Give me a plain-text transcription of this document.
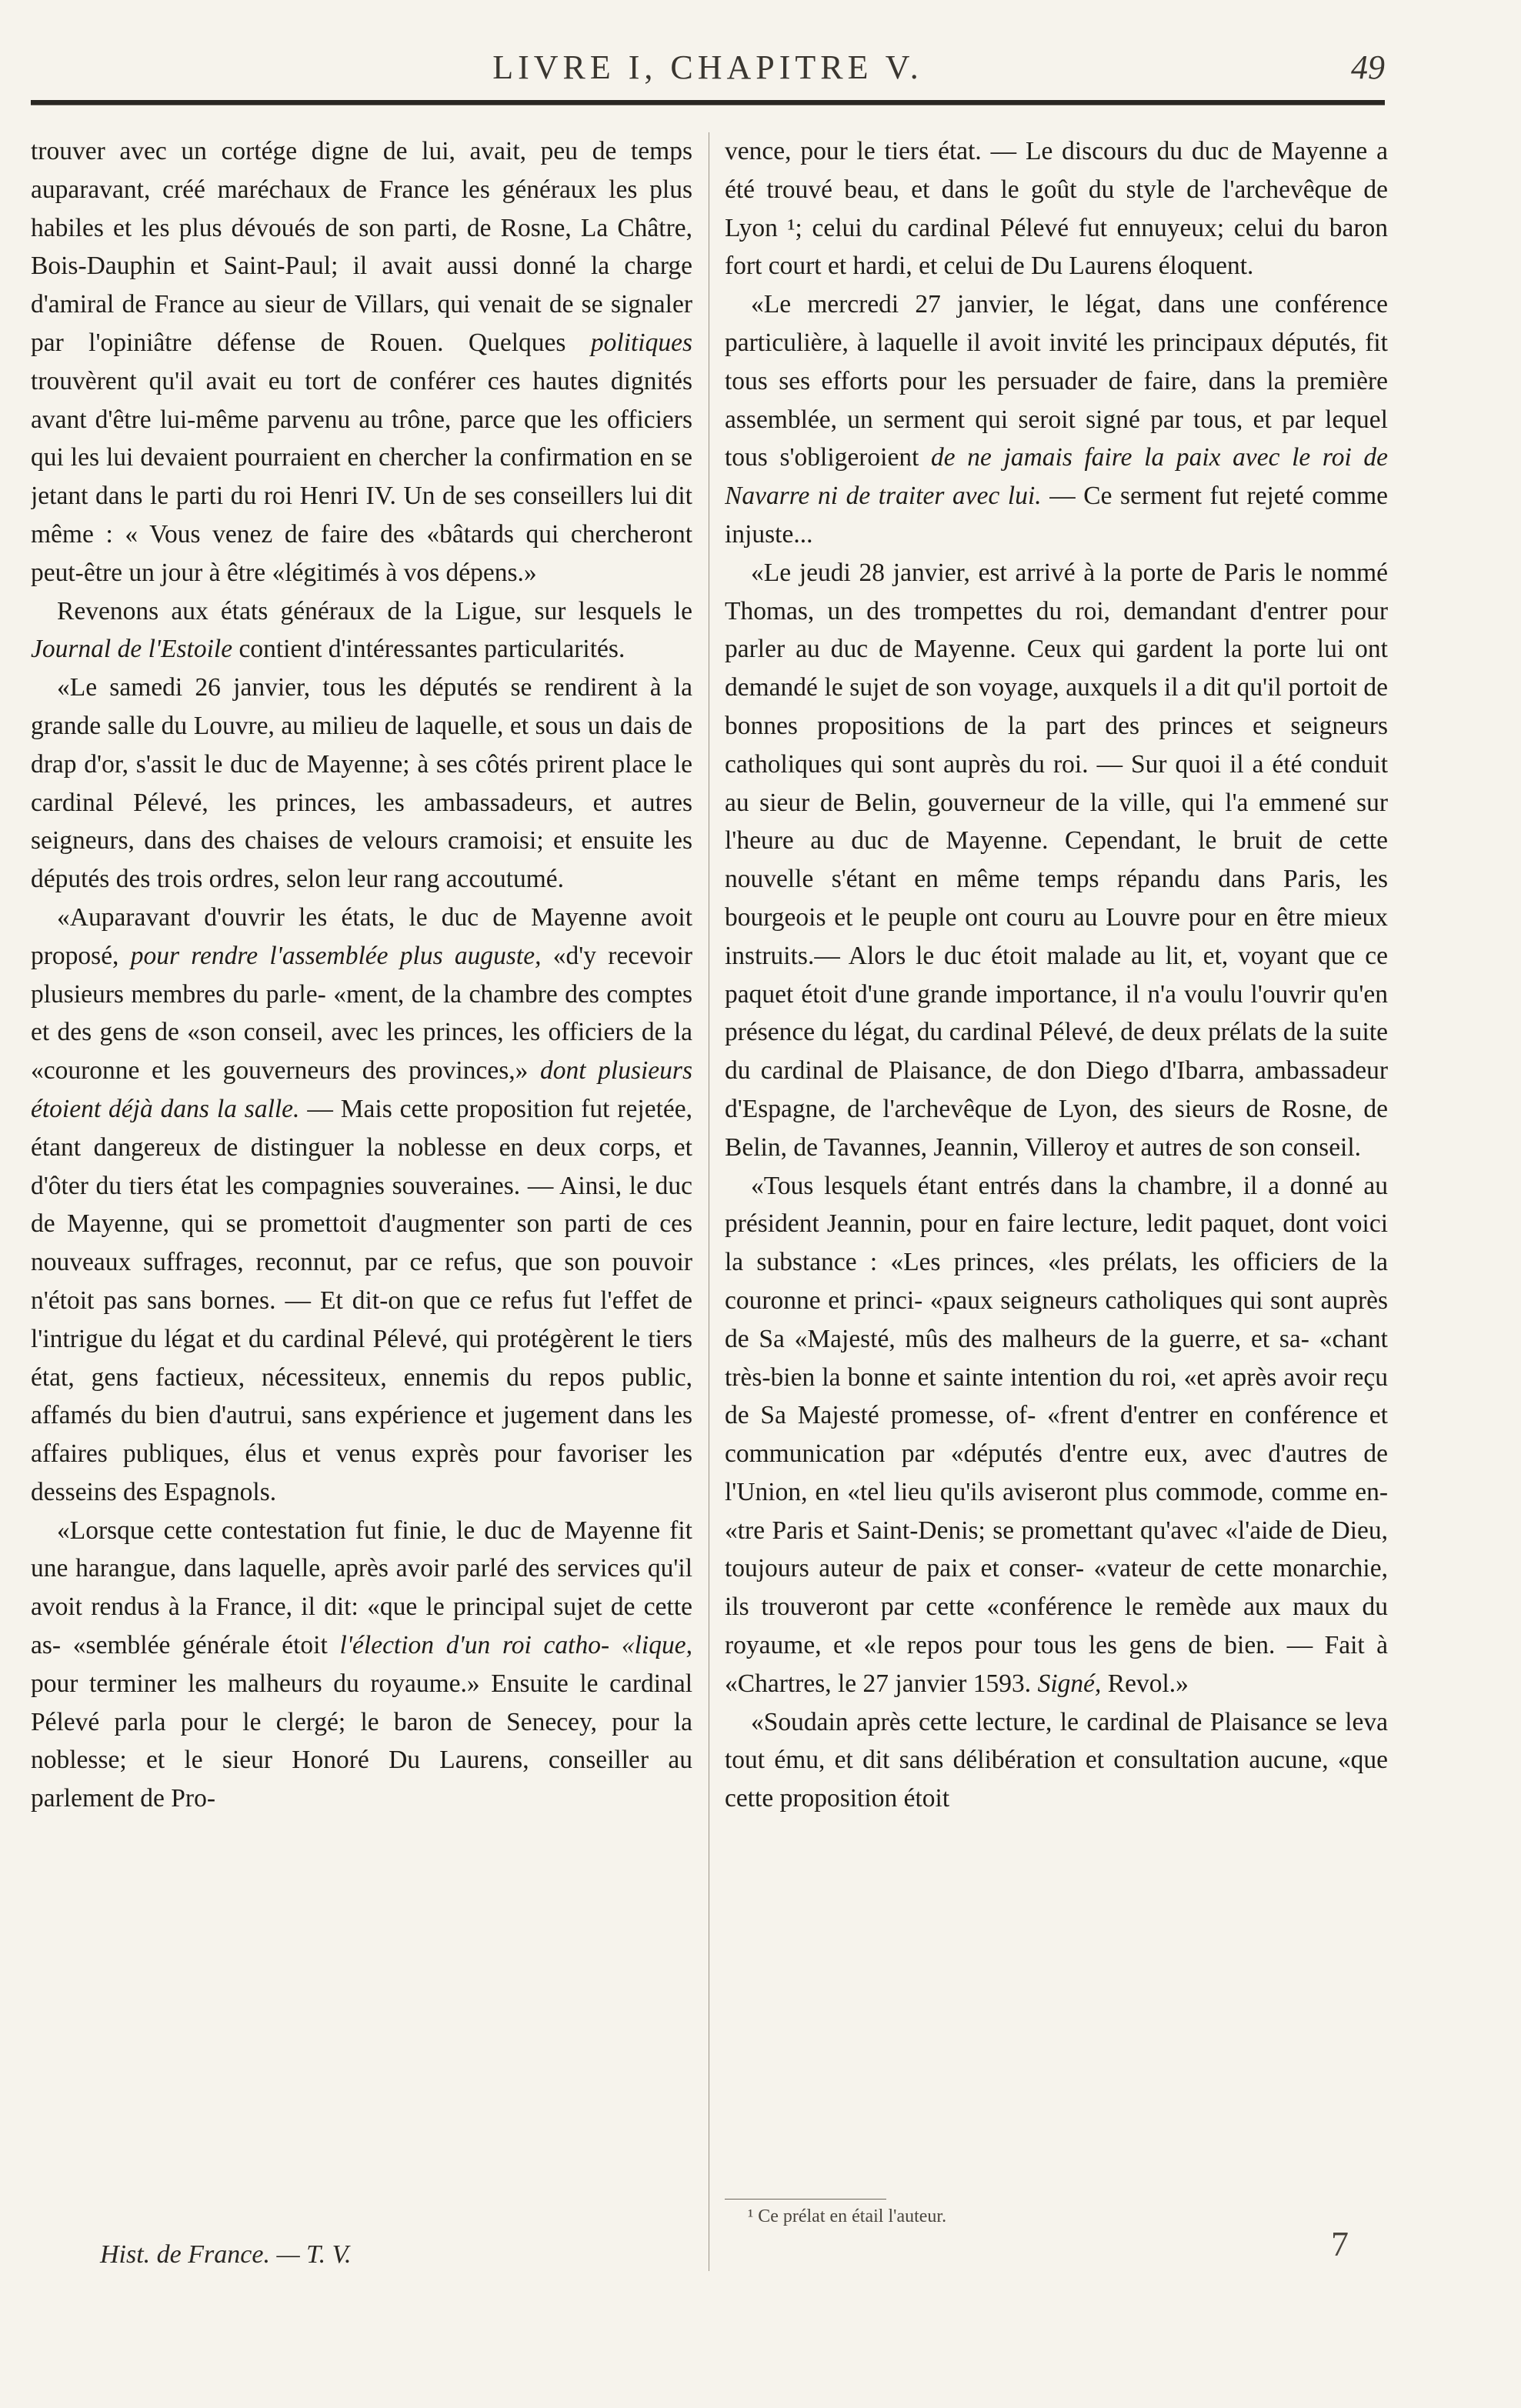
LIVRE I, CHAPITRE V.	49

trouver avec un cortége digne de lui, avait, peu de temps auparavant, créé maréchaux de France les généraux les plus habiles et les plus dévoués de son parti, de Rosne, La Châtre, Bois-Dauphin et Saint-Paul; il avait aussi donné la charge d'amiral de France au sieur de Villars, qui venait de se signaler par l'opiniâtre défense de Rouen. Quelques politiques trouvèrent qu'il avait eu tort de conférer ces hautes dignités avant d'être lui-même parvenu au trône, parce que les officiers qui les lui devaient pourraient en chercher la confirmation en se jetant dans le parti du roi Henri IV. Un de ses conseillers lui dit même : « Vous venez de faire des «bâtards qui chercheront peut-être un jour à être «légitimés à vos dépens.»

Revenons aux états généraux de la Ligue, sur lesquels le Journal de l'Estoile contient d'intéressantes particularités.

«Le samedi 26 janvier, tous les députés se rendirent à la grande salle du Louvre, au milieu de laquelle, et sous un dais de drap d'or, s'assit le duc de Mayenne; à ses côtés prirent place le cardinal Pélevé, les princes, les ambassadeurs, et autres seigneurs, dans des chaises de velours cramoisi; et ensuite les députés des trois ordres, selon leur rang accoutumé.

«Auparavant d'ouvrir les états, le duc de Mayenne avoit proposé, pour rendre l'assemblée plus auguste, «d'y recevoir plusieurs membres du parle- «ment, de la chambre des comptes et des gens de «son conseil, avec les princes, les officiers de la «couronne et les gouverneurs des provinces,» dont plusieurs étoient déjà dans la salle. — Mais cette proposition fut rejetée, étant dangereux de distinguer la noblesse en deux corps, et d'ôter du tiers état les compagnies souveraines. — Ainsi, le duc de Mayenne, qui se promettoit d'augmenter son parti de ces nouveaux suffrages, reconnut, par ce refus, que son pouvoir n'étoit pas sans bornes. — Et dit-on que ce refus fut l'effet de l'intrigue du légat et du cardinal Pélevé, qui protégèrent le tiers état, gens factieux, nécessiteux, ennemis du repos public, affamés du bien d'autrui, sans expérience et jugement dans les affaires publiques, élus et venus exprès pour favoriser les desseins des Espagnols.

«Lorsque cette contestation fut finie, le duc de Mayenne fit une harangue, dans laquelle, après avoir parlé des services qu'il avoit rendus à la France, il dit: «que le principal sujet de cette as- «semblée générale étoit l'élection d'un roi catho- «lique, pour terminer les malheurs du royaume.» Ensuite le cardinal Pélevé parla pour le clergé; le baron de Senecey, pour la noblesse; et le sieur Honoré Du Laurens, conseiller au parlement de Pro-

vence, pour le tiers état. — Le discours du duc de Mayenne a été trouvé beau, et dans le goût du style de l'archevêque de Lyon ¹; celui du cardinal Pélevé fut ennuyeux; celui du baron fort court et hardi, et celui de Du Laurens éloquent.

«Le mercredi 27 janvier, le légat, dans une conférence particulière, à laquelle il avoit invité les principaux députés, fit tous ses efforts pour les persuader de faire, dans la première assemblée, un serment qui seroit signé par tous, et par lequel tous s'obligeroient de ne jamais faire la paix avec le roi de Navarre ni de traiter avec lui. — Ce serment fut rejeté comme injuste...

«Le jeudi 28 janvier, est arrivé à la porte de Paris le nommé Thomas, un des trompettes du roi, demandant d'entrer pour parler au duc de Mayenne. Ceux qui gardent la porte lui ont demandé le sujet de son voyage, auxquels il a dit qu'il portoit de bonnes propositions de la part des princes et seigneurs catholiques qui sont auprès du roi. — Sur quoi il a été conduit au sieur de Belin, gouverneur de la ville, qui l'a emmené sur l'heure au duc de Mayenne. Cependant, le bruit de cette nouvelle s'étant en même temps répandu dans Paris, les bourgeois et le peuple ont couru au Louvre pour en être mieux instruits.— Alors le duc étoit malade au lit, et, voyant que ce paquet étoit d'une grande importance, il n'a voulu l'ouvrir qu'en présence du légat, du cardinal Pélevé, de deux prélats de la suite du cardinal de Plaisance, de don Diego d'Ibarra, ambassadeur d'Espagne, de l'archevêque de Lyon, des sieurs de Rosne, de Belin, de Tavannes, Jeannin, Villeroy et autres de son conseil.

«Tous lesquels étant entrés dans la chambre, il a donné au président Jeannin, pour en faire lecture, ledit paquet, dont voici la substance : «Les princes, «les prélats, les officiers de la couronne et princi- «paux seigneurs catholiques qui sont auprès de Sa «Majesté, mûs des malheurs de la guerre, et sa- «chant très-bien la bonne et sainte intention du roi, «et après avoir reçu de Sa Majesté promesse, of- «frent d'entrer en conférence et communication par «députés d'entre eux, avec d'autres de l'Union, en «tel lieu qu'ils aviseront plus commode, comme en- «tre Paris et Saint-Denis; se promettant qu'avec «l'aide de Dieu, toujours auteur de paix et conser- «vateur de cette monarchie, ils trouveront par cette «conférence le remède aux maux du royaume, et «le repos pour tous les gens de bien. — Fait à «Chartres, le 27 janvier 1593. Signé, Revol.»

«Soudain après cette lecture, le cardinal de Plaisance se leva tout ému, et dit sans délibération et consultation aucune, «que cette proposition étoit

¹ Ce prélat en étail l'auteur.
Hist. de France. — T. V.	7
